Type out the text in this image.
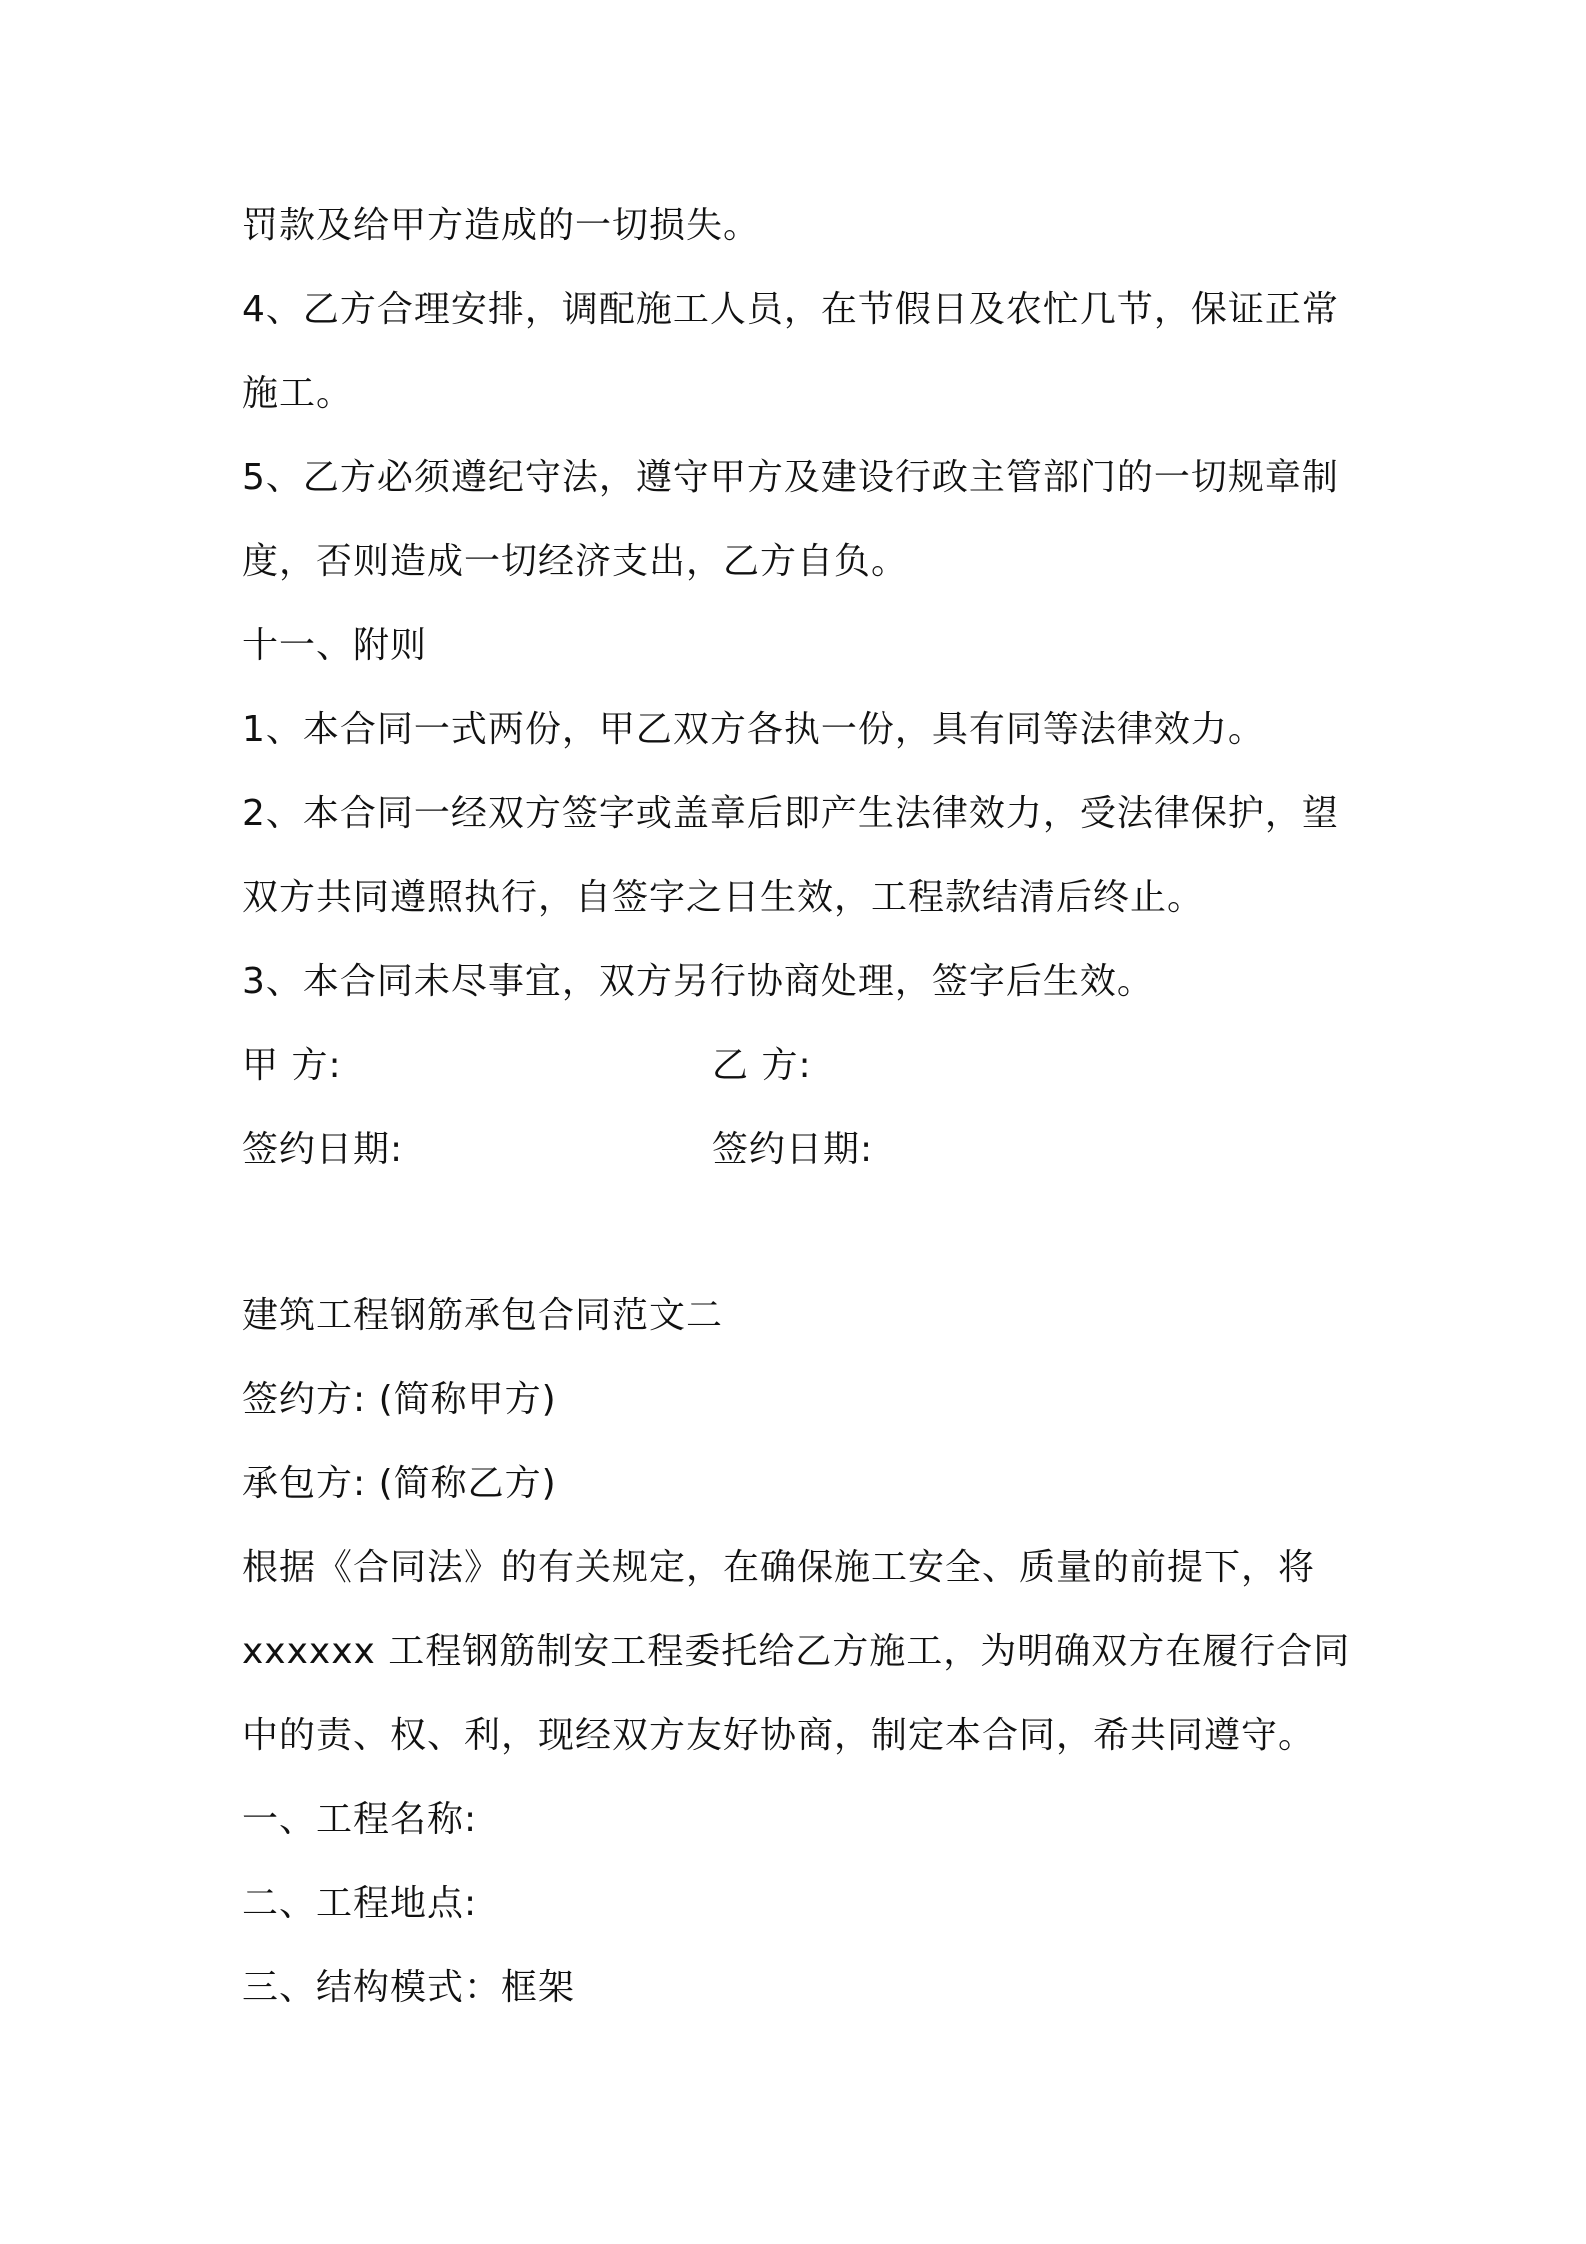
罚款及给甲方造成的一切损失。
4、乙方合理安排，调配施工人员，在节假日及农忙几节，保证正常
施工。
5、乙方必须遵纪守法，遵守甲方及建设行政主管部门的一切规章制
度，否则造成一切经济支出，乙方自负。
十一、附则
1、本合同一式两份，甲乙双方各执一份，具有同等法律效力。
2、本合同一经双方签字或盖章后即产生法律效力，受法律保护，望
双方共同遵照执行，自签字之日生效，工程款结清后终止。
3、本合同未尽事宜，双方另行协商处理，签字后生效。
甲 方:	乙 方:
签约日期:	签约日期:
建筑工程钢筋承包合同范文二
签约方: (简称甲方)
承包方: (简称乙方)
根据《合同法》的有关规定，在确保施工安全、质量的前提下，将
xxxxxx 工程钢筋制安工程委托给乙方施工，为明确双方在履行合同
中的责、权、利，现经双方友好协商，制定本合同，希共同遵守。
一、工程名称:
二、工程地点:
三、结构模式：框架
